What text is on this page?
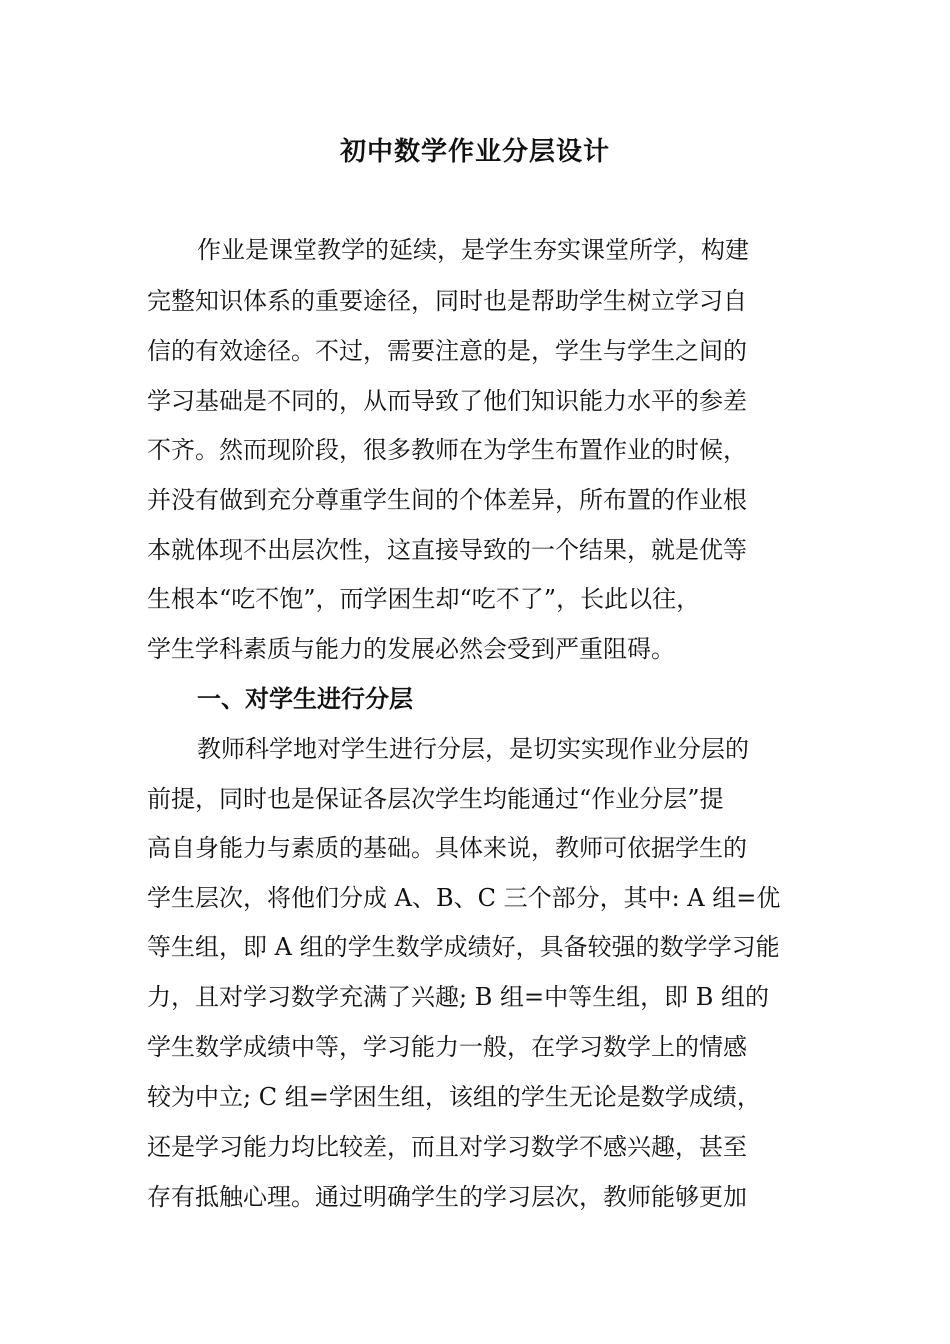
初中数学作业分层设计
作业是课堂教学的延续，是学生夯实课堂所学，构建
完整知识体系的重要途径，同时也是帮助学生树立学习自
信的有效途径。不过，需要注意的是，学生与学生之间的
学习基础是不同的，从而导致了他们知识能力水平的参差
不齐。然而现阶段，很多教师在为学生布置作业的时候，
并没有做到充分尊重学生间的个体差异，所布置的作业根
本就体现不出层次性，这直接导致的一个结果，就是优等
生根本“吃不饱”，而学困生却“吃不了”，长此以往，
学生学科素质与能力的发展必然会受到严重阻碍。
一、对学生进行分层
教师科学地对学生进行分层，是切实实现作业分层的
前提，同时也是保证各层次学生均能通过“作业分层”提
高自身能力与素质的基础。具体来说，教师可依据学生的
学生层次，将他们分成 A、B、C 三个部分，其中: A 组=优
等生组，即 A 组的学生数学成绩好，具备较强的数学学习能
力，且对学习数学充满了兴趣; B 组=中等生组，即 B 组的
学生数学成绩中等，学习能力一般，在学习数学上的情感
较为中立; C 组=学困生组，该组的学生无论是数学成绩，
还是学习能力均比较差，而且对学习数学不感兴趣，甚至
存有抵触心理。通过明确学生的学习层次，教师能够更加
